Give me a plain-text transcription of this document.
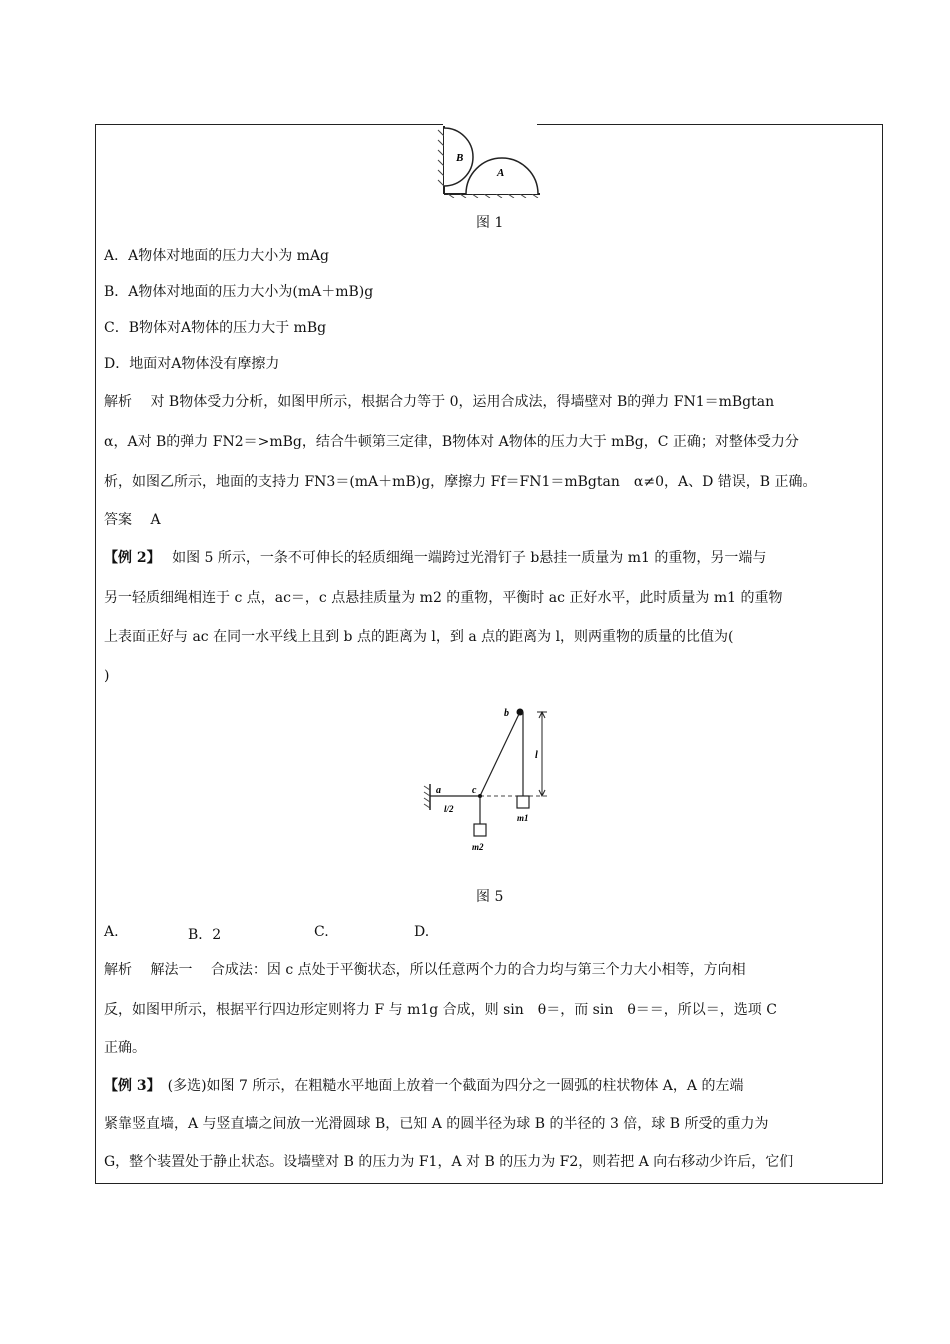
B
A
图 1
A．A物体对地面的压力大小为 mAg
B．A物体对地面的压力大小为(mA＋mB)g
C．B物体对A物体的压力大于 mBg
D．地面对A物体没有摩擦力
解析　 对 B物体受力分析，如图甲所示，根据合力等于 0，运用合成法，得墙壁对 B的弹力 FN1＝mBgtan
α，A对 B的弹力 FN2＝>mBg，结合牛顿第三定律，B物体对 A物体的压力大于 mBg，C 正确；对整体受力分
析，如图乙所示，地面的支持力 FN3＝(mA＋mB)g，摩擦力 Ff＝FN1＝mBgtan　α≠0，A、D 错误，B 正确。
答案　 A
【例 2】　 如图 5 所示，一条不可伸长的轻质细绳一端跨过光滑钉子 b悬挂一质量为 m1 的重物，另一端与
另一轻质细绳相连于 c 点，ac＝，c 点悬挂质量为 m2 的重物，平衡时 ac 正好水平，此时质量为 m1 的重物
上表面正好与 ac 在同一水平线上且到 b 点的距离为 l，到 a 点的距离为 l，则两重物的质量的比值为(
)
b
a	c
l
l/2
m1
m2
图 5
A.	B．2	C.	D.
解析　 解法一　 合成法：因 c 点处于平衡状态，所以任意两个力的合力均与第三个力大小相等，方向相
反，如图甲所示，根据平行四边形定则将力 F 与 m1g 合成，则 sin　θ＝，而 sin　θ＝＝，所以＝，选项 C
正确。
【例 3】　(多选)如图 7 所示，在粗糙水平地面上放着一个截面为四分之一圆弧的柱状物体 A，A 的左端
紧靠竖直墙，A 与竖直墙之间放一光滑圆球 B，已知 A 的圆半径为球 B 的半径的 3 倍，球 B 所受的重力为
G，整个装置处于静止状态。设墙壁对 B 的压力为 F1，A 对 B 的压力为 F2，则若把 A 向右移动少许后，它们
